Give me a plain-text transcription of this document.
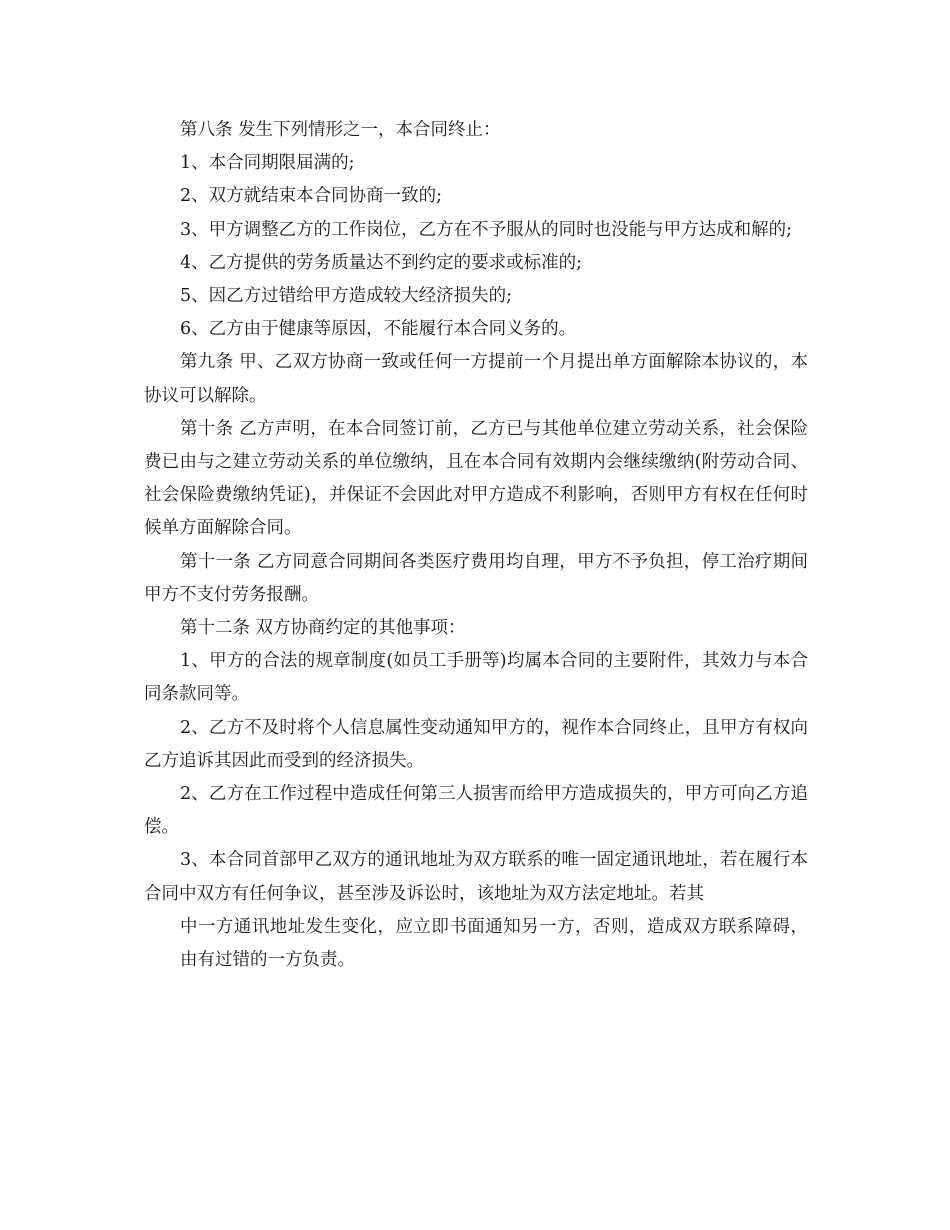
第八条 发生下列情形之一，本合同终止：

1、本合同期限届满的;

2、双方就结束本合同协商一致的;

3、甲方调整乙方的工作岗位，乙方在不予服从的同时也没能与甲方达成和解的;

4、乙方提供的劳务质量达不到约定的要求或标准的;

5、因乙方过错给甲方造成较大经济损失的;

6、乙方由于健康等原因，不能履行本合同义务的。

第九条 甲、乙双方协商一致或任何一方提前一个月提出单方面解除本协议的，本协议可以解除。

第十条 乙方声明，在本合同签订前，乙方已与其他单位建立劳动关系，社会保险费已由与之建立劳动关系的单位缴纳，且在本合同有效期内会继续缴纳(附劳动合同、社会保险费缴纳凭证)，并保证不会因此对甲方造成不利影响，否则甲方有权在任何时候单方面解除合同。

第十一条 乙方同意合同期间各类医疗费用均自理，甲方不予负担，停工治疗期间甲方不支付劳务报酬。

第十二条 双方协商约定的其他事项：

1、甲方的合法的规章制度(如员工手册等)均属本合同的主要附件，其效力与本合同条款同等。

2、乙方不及时将个人信息属性变动通知甲方的，视作本合同终止，且甲方有权向乙方追诉其因此而受到的经济损失。

2、乙方在工作过程中造成任何第三人损害而给甲方造成损失的，甲方可向乙方追偿。

3、本合同首部甲乙双方的通讯地址为双方联系的唯一固定通讯地址，若在履行本合同中双方有任何争议，甚至涉及诉讼时，该地址为双方法定地址。若其

中一方通讯地址发生变化，应立即书面通知另一方，否则，造成双方联系障碍，由有过错的一方负责。
